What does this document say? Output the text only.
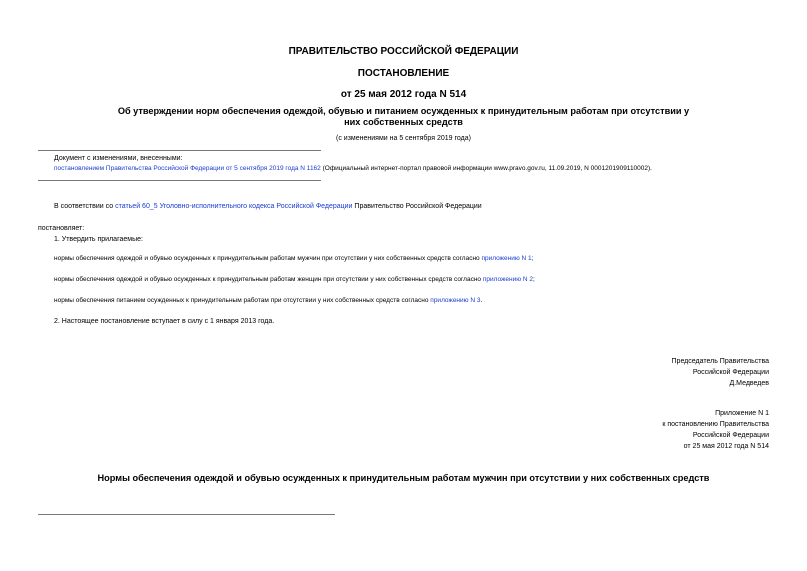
ПРАВИТЕЛЬСТВО РОССИЙСКОЙ ФЕДЕРАЦИИ
ПОСТАНОВЛЕНИЕ
от 25 мая 2012 года N 514
Об утверждении норм обеспечения одеждой, обувью и питанием осужденных к принудительным работам при отсутствии у
них собственных средств
(с изменениями на 5 сентября 2019 года)
Документ с изменениями, внесенными:
постановлением Правительства Российской Федерации от 5 сентября 2019 года N 1162 (Официальный интернет-портал правовой информации www.pravo.gov.ru, 11.09.2019, N 0001201909110002).
В соответствии со статьей 60_5 Уголовно-исполнительного кодекса Российской Федерации Правительство Российской Федерации
постановляет:
1. Утвердить прилагаемые:
нормы обеспечения одеждой и обувью осужденных к принудительным работам мужчин при отсутствии у них собственных средств согласно приложению N 1;
нормы обеспечения одеждой и обувью осужденных к принудительным работам женщин при отсутствии у них собственных средств согласно приложению N 2;
нормы обеспечения питанием осужденных к принудительным работам при отсутствии у них собственных средств согласно приложению N 3.
2. Настоящее постановление вступает в силу с 1 января 2013 года.
Председатель Правительства
Российской Федерации
Д.Медведев
Приложение N 1
к постановлению Правительства
Российской Федерации
от 25 мая 2012 года N 514
Нормы обеспечения одеждой и обувью осужденных к принудительным работам мужчин при отсутствии у них собственных средств
